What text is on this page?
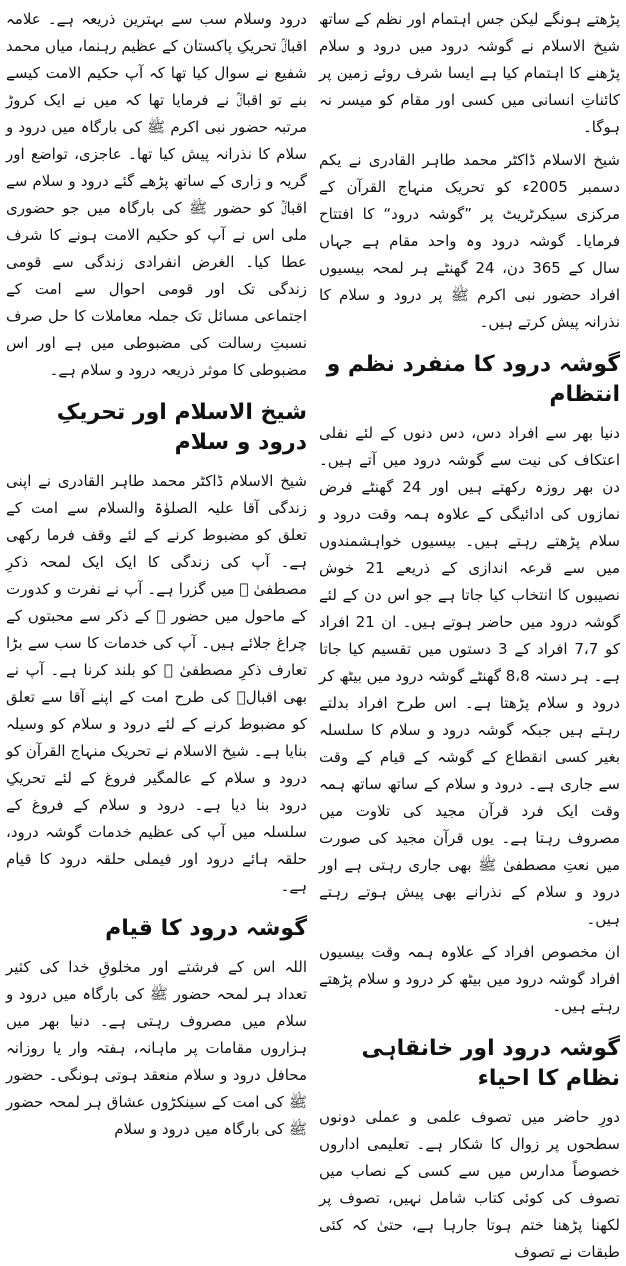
درود وسلام سب سے بہترین ذریعہ ہے۔ علامہ اقبالؒ تحریکِ پاکستان کے عظیم رہنما، میاں محمد شفیع نے سوال کیا تھا کہ آپ حکیم الامت کیسے بنے تو اقبالؒ نے فرمایا تھا کہ میں نے ایک کروڑ مرتبہ حضور نبی اکرم ﷺ کی بارگاہ میں درود و سلام کا نذرانہ پیش کیا تھا۔ عاجزی، تواضع اور گریہ و زاری کے ساتھ پڑھے گئے درود و سلام سے اقبالؒ کو حضور ﷺ کی بارگاہ میں جو حضوری ملی اس نے آپ کو حکیم الامت ہونے کا شرف عطا کیا۔ الغرض انفرادی زندگی سے قومی زندگی تک اور قومی احوال سے امت کے اجتماعی مسائل تک جملہ معاملات کا حل صرف نسبتِ رسالت کی مضبوطی میں ہے اور اس مضبوطی کا موثر ذریعہ درود و سلام ہے۔

شیخ الاسلام اور تحریکِ درود و سلام

شیخ الاسلام ڈاکٹر محمد طاہر القادری نے اپنی زندگی آقا علیہ الصلوٰۃ والسلام سے امت کے تعلق کو مضبوط کرنے کے لئے وقف فرما رکھی ہے۔ آپ کی زندگی کا ایک ایک لمحہ ذکرِ مصطفیٰ ﷺ میں گزرا ہے۔ آپ نے نفرت و کدورت کے ماحول میں حضور ﷺ کے ذکر سے محبتوں کے چراغ جلائے ہیں۔ آپ کی خدمات کا سب سے بڑا تعارف ذکرِ مصطفیٰ ﷺ کو بلند کرنا ہے۔ آپ نے بھی اقبالؒ کی طرح امت کے اپنے آقا سے تعلق کو مضبوط کرنے کے لئے درود و سلام کو وسیلہ بنایا ہے۔ شیخ الاسلام نے تحریک منہاج القرآن کو درود و سلام کے عالمگیر فروغ کے لئے تحریکِ درود بنا دیا ہے۔ درود و سلام کے فروغ کے سلسلہ میں آپ کی عظیم خدمات گوشہ درود، حلقہ ہائے درود اور فیملی حلقہ درود کا قیام ہے۔

گوشہ درود کا قیام

اللہ اس کے فرشتے اور مخلوقِ خدا کی کثیر تعداد ہر لمحہ حضور ﷺ کی بارگاہ میں درود و سلام میں مصروف رہتی ہے۔ دنیا بھر میں ہزاروں مقامات پر ماہانہ، ہفتہ وار یا روزانہ محافل درود و سلام منعقد ہوتی ہونگی۔ حضور ﷺ کی امت کے سینکڑوں عشاق ہر لمحہ حضور ﷺ کی بارگاہ میں درود و سلام

پڑھتے ہونگے لیکن جس اہتمام اور نظم کے ساتھ شیخ الاسلام نے گوشہ درود میں درود و سلام پڑھنے کا اہتمام کیا ہے ایسا شرف روئے زمین پر کائناتِ انسانی میں کسی اور مقام کو میسر نہ ہوگا۔

شیخ الاسلام ڈاکٹر محمد طاہر القادری نے یکم دسمبر 2005ء کو تحریک منہاج القرآن کے مرکزی سیکرٹریٹ پر ”گوشہ درود“ کا افتتاح فرمایا۔ گوشہ درود وہ واحد مقام ہے جہاں سال کے 365 دن، 24 گھنٹے ہر لمحہ بیسیوں افراد حضور نبی اکرم ﷺ پر درود و سلام کا نذرانہ پیش کرتے ہیں۔

گوشہ درود کا منفرد نظم و انتظام

دنیا بھر سے افراد دس، دس دنوں کے لئے نفلی اعتکاف کی نیت سے گوشہ درود میں آتے ہیں۔ دن بھر روزہ رکھتے ہیں اور 24 گھنٹے فرض نمازوں کی ادائیگی کے علاوہ ہمہ وقت درود و سلام پڑھتے رہتے ہیں۔ بیسیوں خواہشمندوں میں سے قرعہ اندازی کے ذریعے 21 خوش نصیبوں کا انتخاب کیا جاتا ہے جو اس دن کے لئے گوشہ درود میں حاضر ہوتے ہیں۔ ان 21 افراد کو 7،7 افراد کے 3 دستوں میں تقسیم کیا جاتا ہے۔ ہر دستہ 8،8 گھنٹے گوشہ درود میں بیٹھ کر درود و سلام پڑھتا ہے۔ اس طرح افراد بدلتے رہتے ہیں جبکہ گوشہ درود و سلام کا سلسلہ بغیر کسی انقطاع کے گوشہ کے قیام کے وقت سے جاری ہے۔ درود و سلام کے ساتھ ساتھ ہمہ وقت ایک فرد قرآن مجید کی تلاوت میں مصروف رہتا ہے۔ یوں قرآن مجید کی صورت میں نعتِ مصطفیٰ ﷺ بھی جاری رہتی ہے اور درود و سلام کے نذرانے بھی پیش ہوتے رہتے ہیں۔

ان مخصوص افراد کے علاوہ ہمہ وقت بیسیوں افراد گوشہ درود میں بیٹھ کر درود و سلام پڑھتے رہتے ہیں۔

گوشہ درود اور خانقاہی نظام کا احیاء

دورِ حاضر میں تصوف علمی و عملی دونوں سطحوں پر زوال کا شکار ہے۔ تعلیمی اداروں خصوصاً مدارس میں سے کسی کے نصاب میں تصوف کی کوئی کتاب شامل نہیں، تصوف پر لکھنا پڑھنا ختم ہوتا جارہا ہے، حتیٰ کہ کئی طبقات نے تصوف
